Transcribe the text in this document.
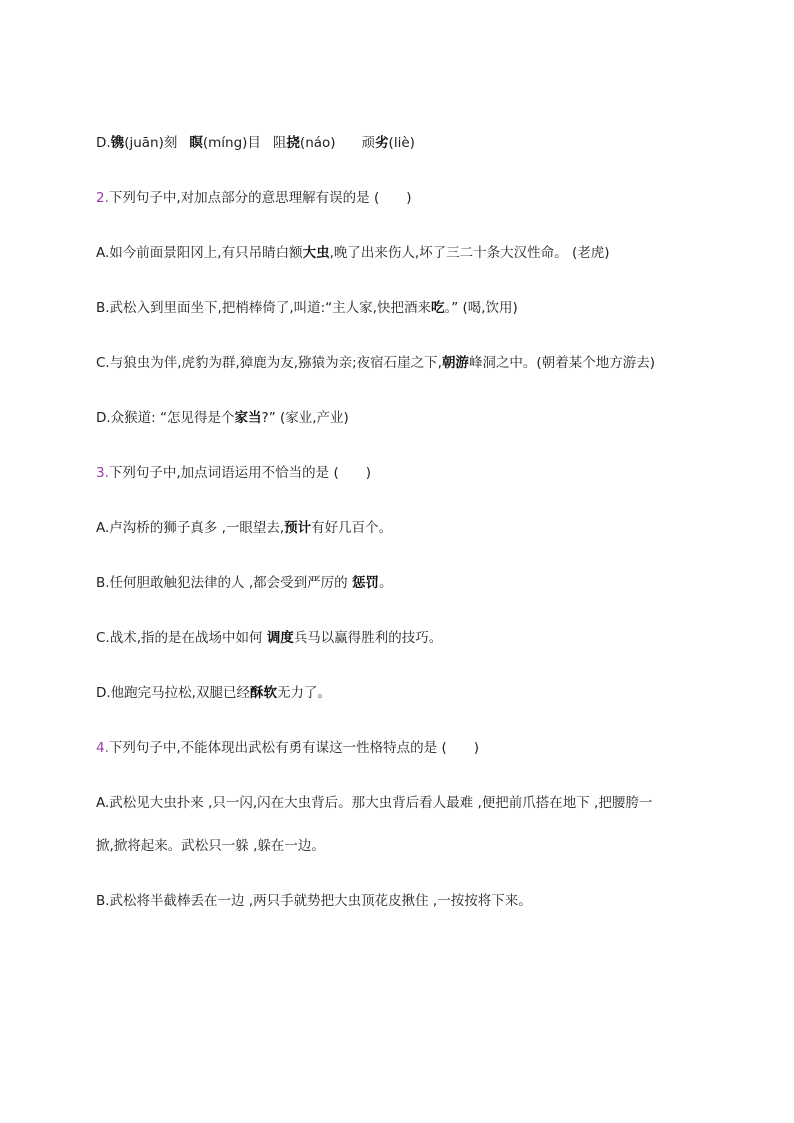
D.镌(juān)刻 瞑(míng)目 阻挠(náo) 顽劣(liè)
2.下列句子中,对加点部分的意思理解有误的是 (　　)
A.如今前面景阳冈上,有只吊睛白额大虫,晚了出来伤人,坏了三二十条大汉性命。 (老虎)
B.武松入到里面坐下,把梢棒倚了,叫道:“主人家,快把酒来吃。” (喝,饮用)
C.与狼虫为伴,虎豹为群,獐鹿为友,猕猿为亲;夜宿石崖之下,朝游峰洞之中。(朝着某个地方游去)
D.众猴道: “怎见得是个家当?” (家业,产业)
3.下列句子中,加点词语运用不恰当的是 (　　)
A.卢沟桥的狮子真多 ,一眼望去,预计有好几百个。
B.任何胆敢触犯法律的人 ,都会受到严厉的 惩罚。
C.战术,指的是在战场中如何 调度兵马以赢得胜利的技巧。
D.他跑完马拉松,双腿已经酥软无力了。
4.下列句子中,不能体现出武松有勇有谋这一性格特点的是 (　　)
A.武松见大虫扑来 ,只一闪,闪在大虫背后。那大虫背后看人最难 ,便把前爪搭在地下 ,把腰胯一
掀,掀将起来。武松只一躲 ,躲在一边。
B.武松将半截棒丢在一边 ,两只手就势把大虫顶花皮揪住 ,一按按将下来。
